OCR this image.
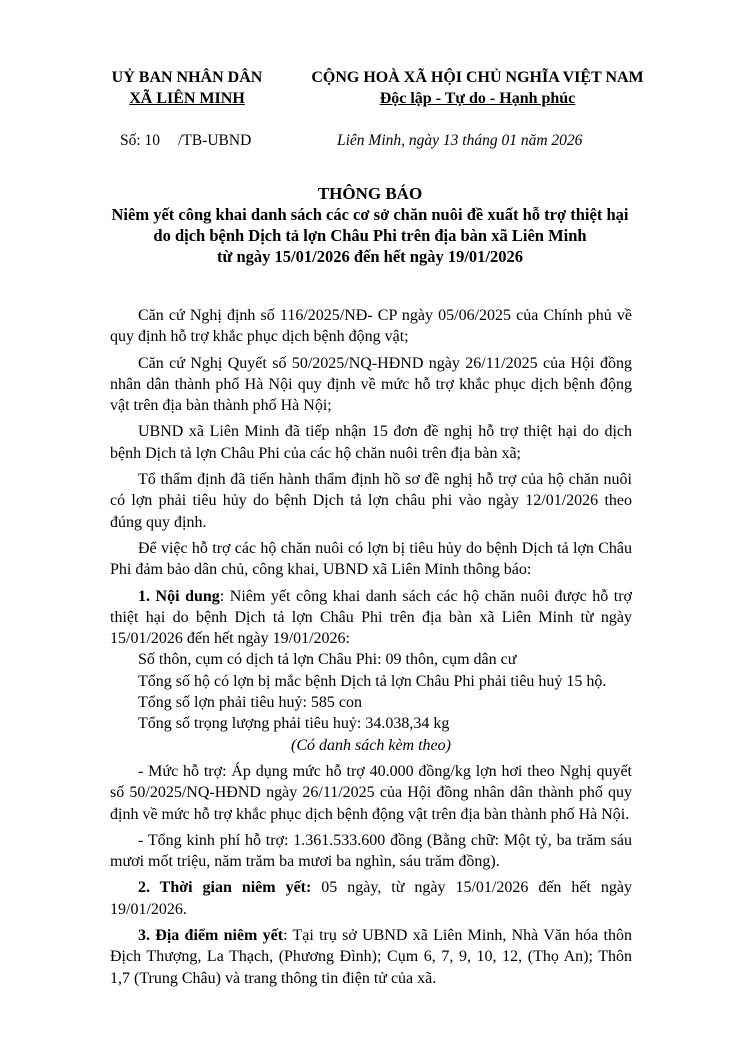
UỶ BAN NHÂN DÂN
XÃ LIÊN MINH
CỘNG HOÀ XÃ HỘI CHỦ NGHĨA VIỆT NAM
Độc lập - Tự do - Hạnh phúc
Số: 10 /TB-UBND	Liên Minh, ngày 13 tháng 01 năm 2026
THÔNG BÁO
Niêm yết công khai danh sách các cơ sở chăn nuôi đề xuất hỗ trợ thiệt hại
do dịch bệnh Dịch tả lợn Châu Phi trên địa bàn xã Liên Minh
từ ngày 15/01/2026 đến hết ngày 19/01/2026

Căn cứ Nghị định số 116/2025/NĐ- CP ngày 05/06/2025 của Chính phủ về quy định hỗ trợ khắc phục dịch bệnh động vật;

Căn cứ Nghị Quyết số 50/2025/NQ-HĐND ngày 26/11/2025 của Hội đồng nhân dân thành phố Hà Nội quy định về mức hỗ trợ khắc phục dịch bệnh động vật trên địa bàn thành phố Hà Nội;

UBND xã Liên Minh đã tiếp nhận 15 đơn đề nghị hỗ trợ thiệt hại do dịch bệnh Dịch tả lợn Châu Phi của các hộ chăn nuôi trên địa bàn xã;

Tổ thẩm định đã tiến hành thẩm định hồ sơ đề nghị hỗ trợ của hộ chăn nuôi có lợn phải tiêu hủy do bệnh Dịch tả lợn châu phi vào ngày 12/01/2026 theo đúng quy định.

Để việc hỗ trợ các hộ chăn nuôi có lợn bị tiêu hủy do bệnh Dịch tả lợn Châu Phi đảm bảo dân chủ, công khai, UBND xã Liên Minh thông báo:

1. Nội dung: Niêm yết công khai danh sách các hộ chăn nuôi được hỗ trợ thiệt hại do bệnh Dịch tả lợn Châu Phi trên địa bàn xã Liên Minh từ ngày 15/01/2026 đến hết ngày 19/01/2026:

Số thôn, cụm có dịch tả lợn Châu Phi: 09 thôn, cụm dân cư

Tổng số hộ có lợn bị mắc bệnh Dịch tả lợn Châu Phi phải tiêu huỷ 15 hộ.

Tổng số lợn phải tiêu huỷ: 585 con

Tổng số trọng lượng phải tiêu huỷ: 34.038,34 kg

(Có danh sách kèm theo)

- Mức hỗ trợ: Áp dụng mức hỗ trợ 40.000 đồng/kg lợn hơi theo Nghị quyết số 50/2025/NQ-HĐND ngày 26/11/2025 của Hội đồng nhân dân thành phố quy định về mức hỗ trợ khắc phục dịch bệnh động vật trên địa bàn thành phố Hà Nội.

- Tổng kinh phí hỗ trợ: 1.361.533.600 đồng (Bằng chữ: Một tỷ, ba trăm sáu mươi mốt triệu, năm trăm ba mươi ba nghìn, sáu trăm đồng).

2. Thời gian niêm yết: 05 ngày, từ ngày 15/01/2026 đến hết ngày 19/01/2026.

3. Địa điểm niêm yết: Tại trụ sở UBND xã Liên Minh, Nhà Văn hóa thôn Địch Thượng, La Thạch, (Phương Đình); Cụm 6, 7, 9, 10, 12, (Thọ An); Thôn 1,7 (Trung Châu) và trang thông tin điện tử của xã.
